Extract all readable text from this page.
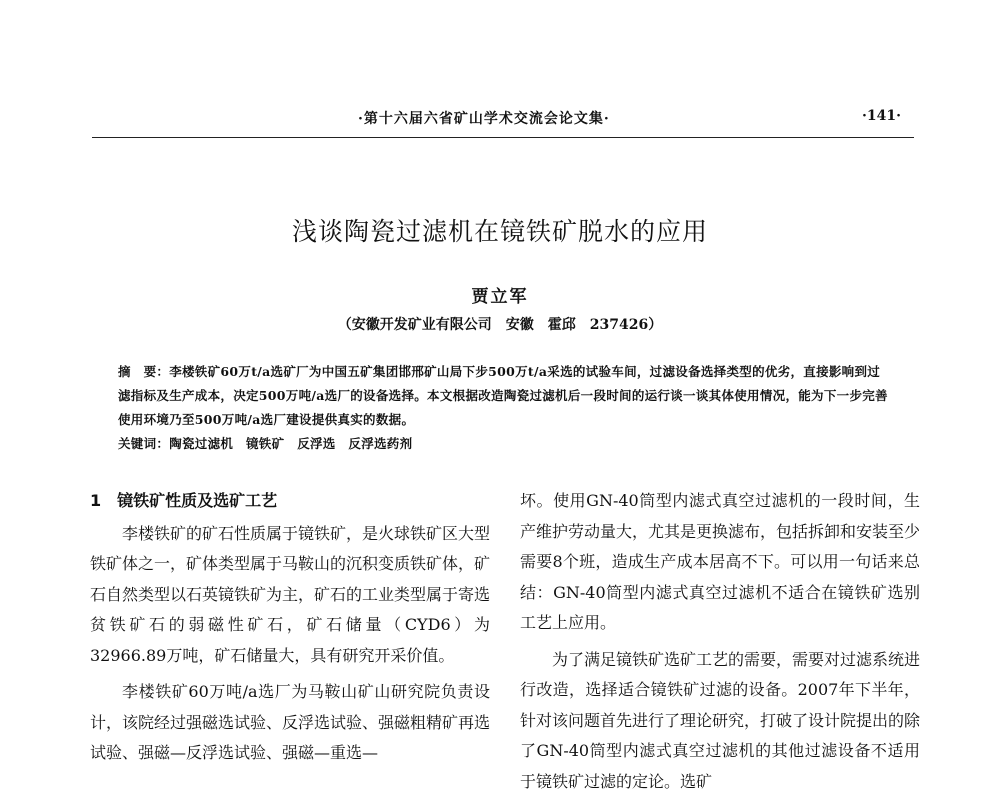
·第十六届六省矿山学术交流会论文集·	·141·
浅谈陶瓷过滤机在镜铁矿脱水的应用
贾立军
（安徽开发矿业有限公司　安徽　霍邱　237426）

摘　要：李楼铁矿60万t/a选矿厂为中国五矿集团邯邢矿山局下步500万t/a采选的试验车间，过滤设备选择类型的优劣，直接影响到过滤指标及生产成本，决定500万吨/a选厂的设备选择。本文根据改造陶瓷过滤机后一段时间的运行谈一谈其体使用情况，能为下一步完善使用环境乃至500万吨/a选厂建设提供真实的数据。

关键词：陶瓷过滤机　镜铁矿　反浮选　反浮选药剂

1　镜铁矿性质及选矿工艺

李楼铁矿的矿石性质属于镜铁矿，是火球铁矿区大型铁矿体之一，矿体类型属于马鞍山的沉积变质铁矿体，矿石自然类型以石英镜铁矿为主，矿石的工业类型属于寄选贫铁矿石的弱磁性矿石，矿石储量（CYD6）为32966.89万吨，矿石储量大，具有研究开采价值。

李楼铁矿60万吨/a选厂为马鞍山矿山研究院负责设计，该院经过强磁选试验、反浮选试验、强磁粗精矿再选试验、强磁—反浮选试验、强磁—重选—

坏。使用GN-40筒型内滤式真空过滤机的一段时间，生产维护劳动量大，尤其是更换滤布，包括拆卸和安装至少需要8个班，造成生产成本居高不下。可以用一句话来总结：GN-40筒型内滤式真空过滤机不适合在镜铁矿选别工艺上应用。

为了满足镜铁矿选矿工艺的需要，需要对过滤系统进行改造，选择适合镜铁矿过滤的设备。2007年下半年，针对该问题首先进行了理论研究，打破了设计院提出的除了GN-40筒型内滤式真空过滤机的其他过滤设备不适用于镜铁矿过滤的定论。选矿
